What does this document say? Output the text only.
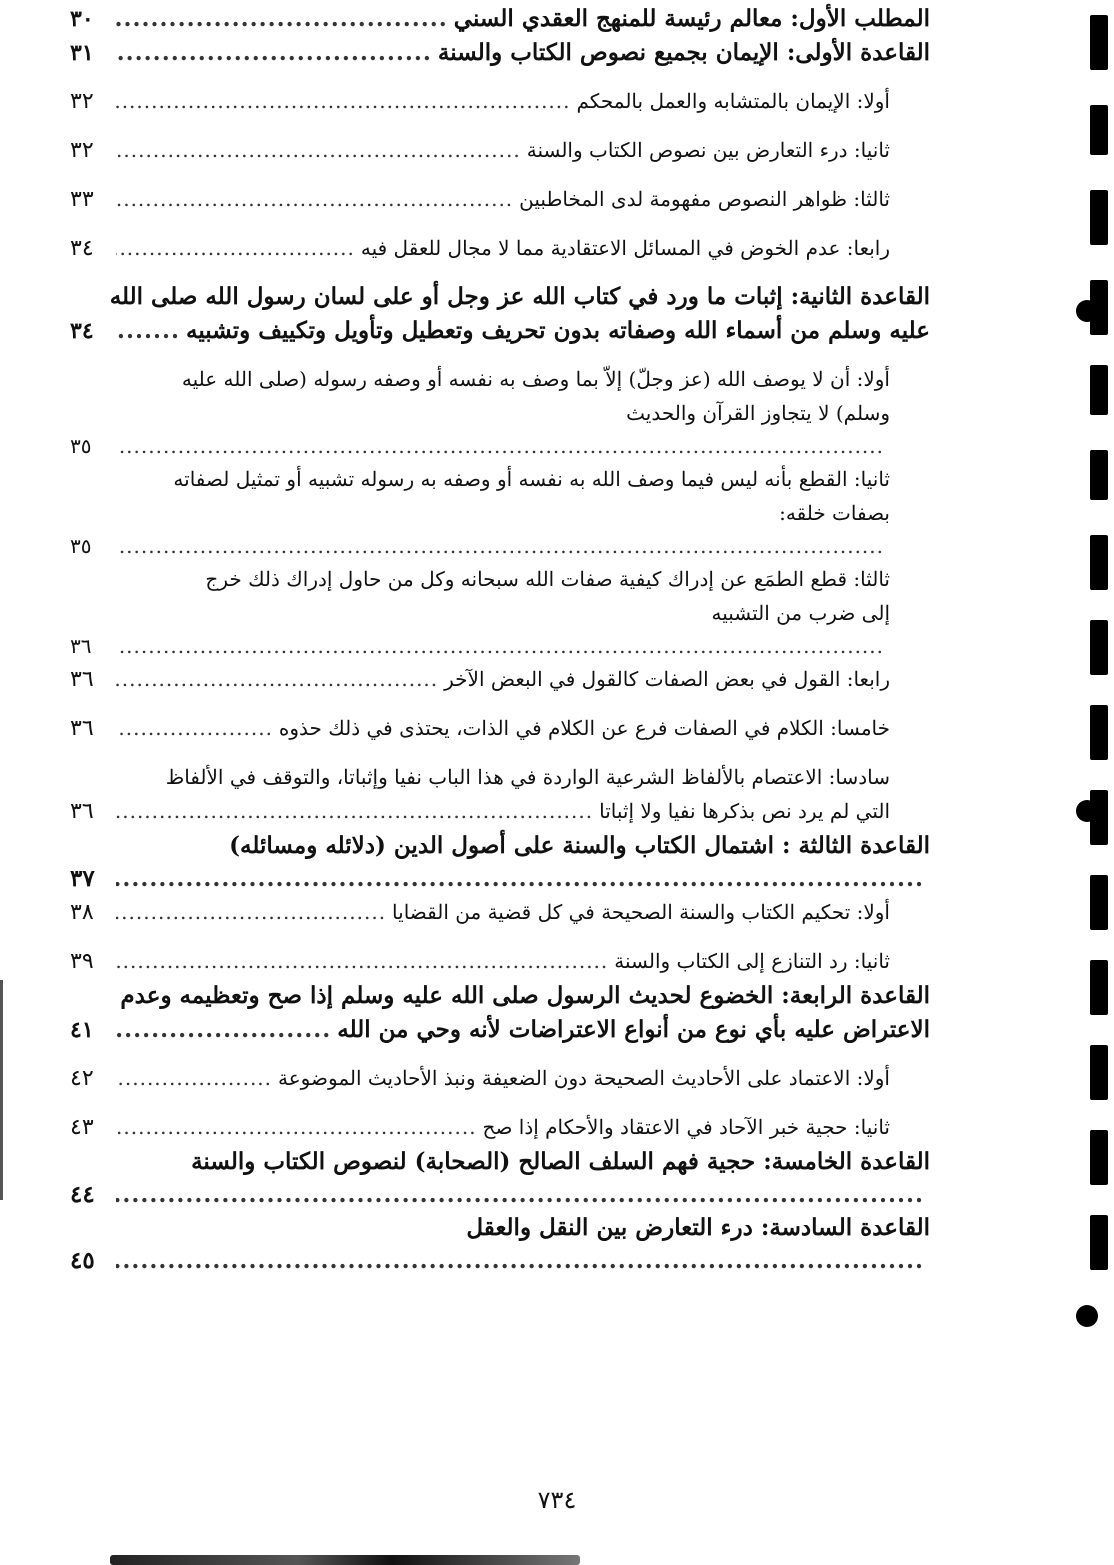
المطلب الأول: معالم رئيسة للمنهج العقدي السني
.....
٣٠
القاعدة الأولى: الإيمان بجميع نصوص الكتاب والسنة
.....
٣١
أولا: الإيمان بالمتشابه والعمل بالمحكم
.....
٣٢
ثانيا: درء التعارض بين نصوص الكتاب والسنة
.....
٣٢
ثالثا: ظواهر النصوص مفهومة لدى المخاطبين
.....
٣٣
رابعا: عدم الخوض في المسائل الاعتقادية مما لا مجال للعقل فيه
.....
٣٤
القاعدة الثانية: إثبات ما ورد في كتاب الله عز وجل أو على لسان رسول الله صلى الله
عليه وسلم من أسماء الله وصفاته بدون تحريف وتعطيل وتأويل وتكييف وتشبيه
.....
٣٤
أولا: أن لا يوصف الله (عز وجلّ) إلاّ بما وصف به نفسه أو وصفه رسوله (صلى الله عليه
وسلم) لا يتجاوز القرآن والحديث
.....
٣٥
ثانيا: القطع بأنه ليس فيما وصف الله به نفسه أو وصفه به رسوله تشبيه أو تمثيل لصفاته
بصفات خلقه:
.....
٣٥
ثالثا: قطع الطمَع عن إدراك كيفية صفات الله سبحانه وكل من حاول إدراك ذلك خرج
إلى ضرب من التشبيه
.....
٣٦
رابعا: القول في بعض الصفات كالقول في البعض الآخر
.....
٣٦
خامسا: الكلام في الصفات فرع عن الكلام في الذات، يحتذى في ذلك حذوه
.....
٣٦
سادسا: الاعتصام بالألفاظ الشرعية الواردة في هذا الباب نفيا وإثباتا، والتوقف في الألفاظ
التي لم يرد نص بذكرها نفيا ولا إثباتا
.....
٣٦
القاعدة الثالثة : اشتمال الكتاب والسنة على أصول الدين (دلائله ومسائله)
.....
٣٧
أولا: تحكيم الكتاب والسنة الصحيحة في كل قضية من القضايا
.....
٣٨
ثانيا: رد التنازع إلى الكتاب والسنة
.....
٣٩
القاعدة الرابعة: الخضوع لحديث الرسول صلى الله عليه وسلم إذا صح وتعظيمه وعدم
الاعتراض عليه بأي نوع من أنواع الاعتراضات لأنه وحي من الله
.....
٤١
أولا: الاعتماد على الأحاديث الصحيحة دون الضعيفة ونبذ الأحاديث الموضوعة
.....
٤٢
ثانيا: حجية خبر الآحاد في الاعتقاد والأحكام إذا صح
.....
٤٣
القاعدة الخامسة: حجية فهم السلف الصالح (الصحابة) لنصوص الكتاب والسنة
.....
٤٤
القاعدة السادسة: درء التعارض بين النقل والعقل
.....
٤٥
٧٣٤
